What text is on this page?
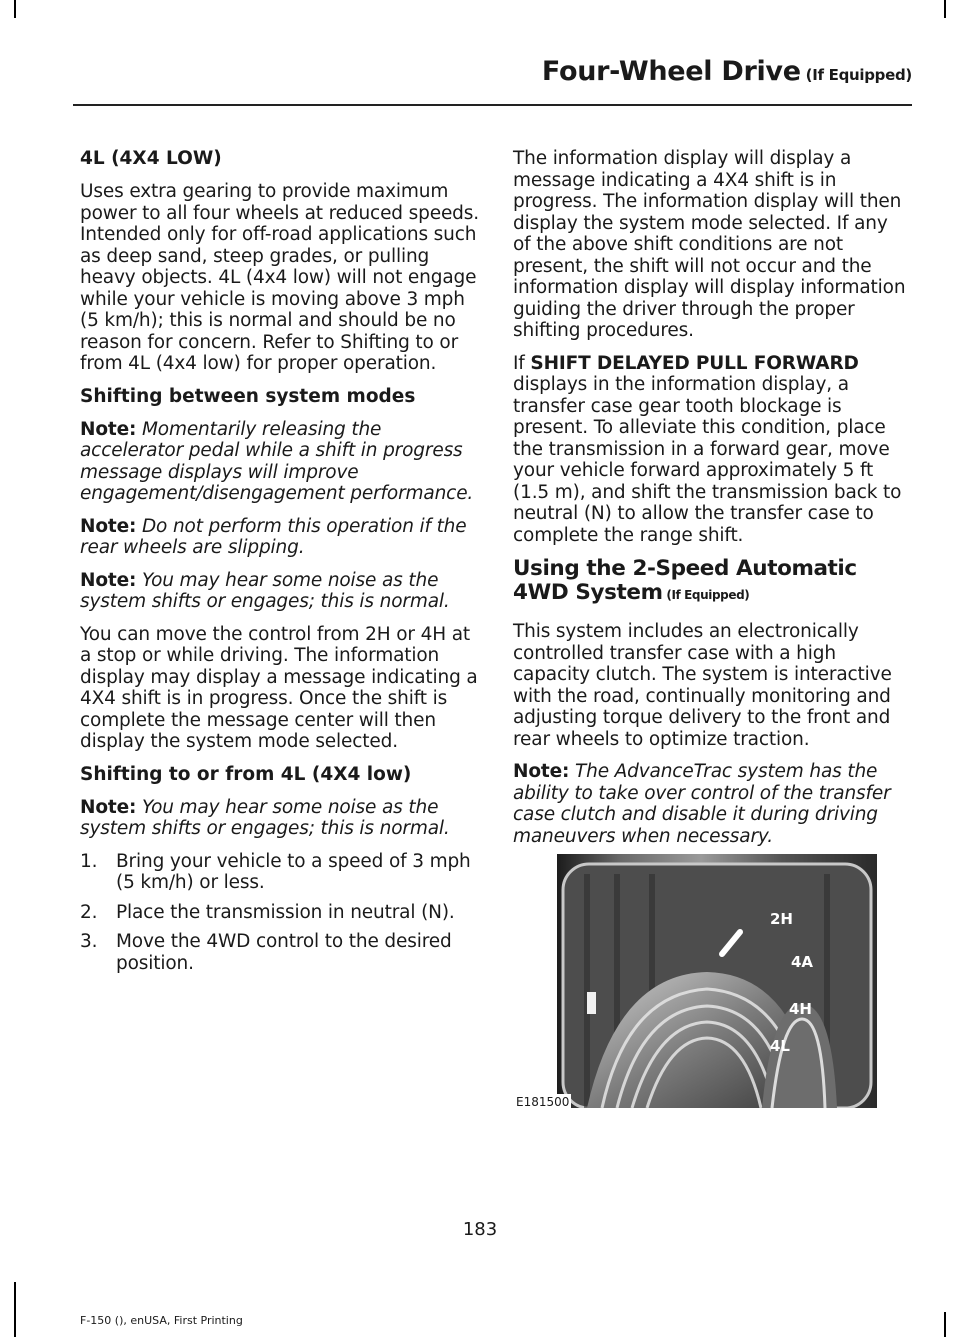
Four-Wheel Drive (If Equipped)
4L (4X4 LOW)

Uses extra gearing to provide maximum power to all four wheels at reduced speeds. Intended only for off-road applications such as deep sand, steep grades, or pulling heavy objects. 4L (4x4 low) will not engage while your vehicle is moving above 3 mph (5 km/h); this is normal and should be no reason for concern. Refer to Shifting to or from 4L (4x4 low) for proper operation.

Shifting between system modes

Note: Momentarily releasing the accelerator pedal while a shift in progress message displays will improve engagement/disengagement performance.

Note: Do not perform this operation if the rear wheels are slipping.

Note: You may hear some noise as the system shifts or engages; this is normal.

You can move the control from 2H or 4H at a stop or while driving. The information display may display a message indicating a 4X4 shift is in progress. Once the shift is complete the message center will then display the system mode selected.

Shifting to or from 4L (4X4 low)

Note: You may hear some noise as the system shifts or engages; this is normal.

1.	Bring your vehicle to a speed of 3 mph (5 km/h) or less.
2.	Place the transmission in neutral (N).
3.	Move the 4WD control to the desired position.

The information display will display a message indicating a 4X4 shift is in progress. The information display will then display the system mode selected. If any of the above shift conditions are not present, the shift will not occur and the information display will display information guiding the driver through the proper shifting procedures.

If SHIFT DELAYED PULL FORWARD displays in the information display, a transfer case gear tooth blockage is present. To alleviate this condition, place the transmission in a forward gear, move your vehicle forward approximately 5 ft (1.5 m), and shift the transmission back to neutral (N) to allow the transfer case to complete the range shift.

Using the 2-Speed Automatic 4WD System (If Equipped)

This system includes an electronically controlled transfer case with a high capacity clutch. The system is interactive with the road, continually monitoring and adjusting torque delivery to the front and rear wheels to optimize traction.

Note: The AdvanceTrac system has the ability to take over control of the transfer case clutch and disable it during driving maneuvers when necessary.

2H
4A
4H
4L
E181500
183
F-150 (), enUSA, First Printing
